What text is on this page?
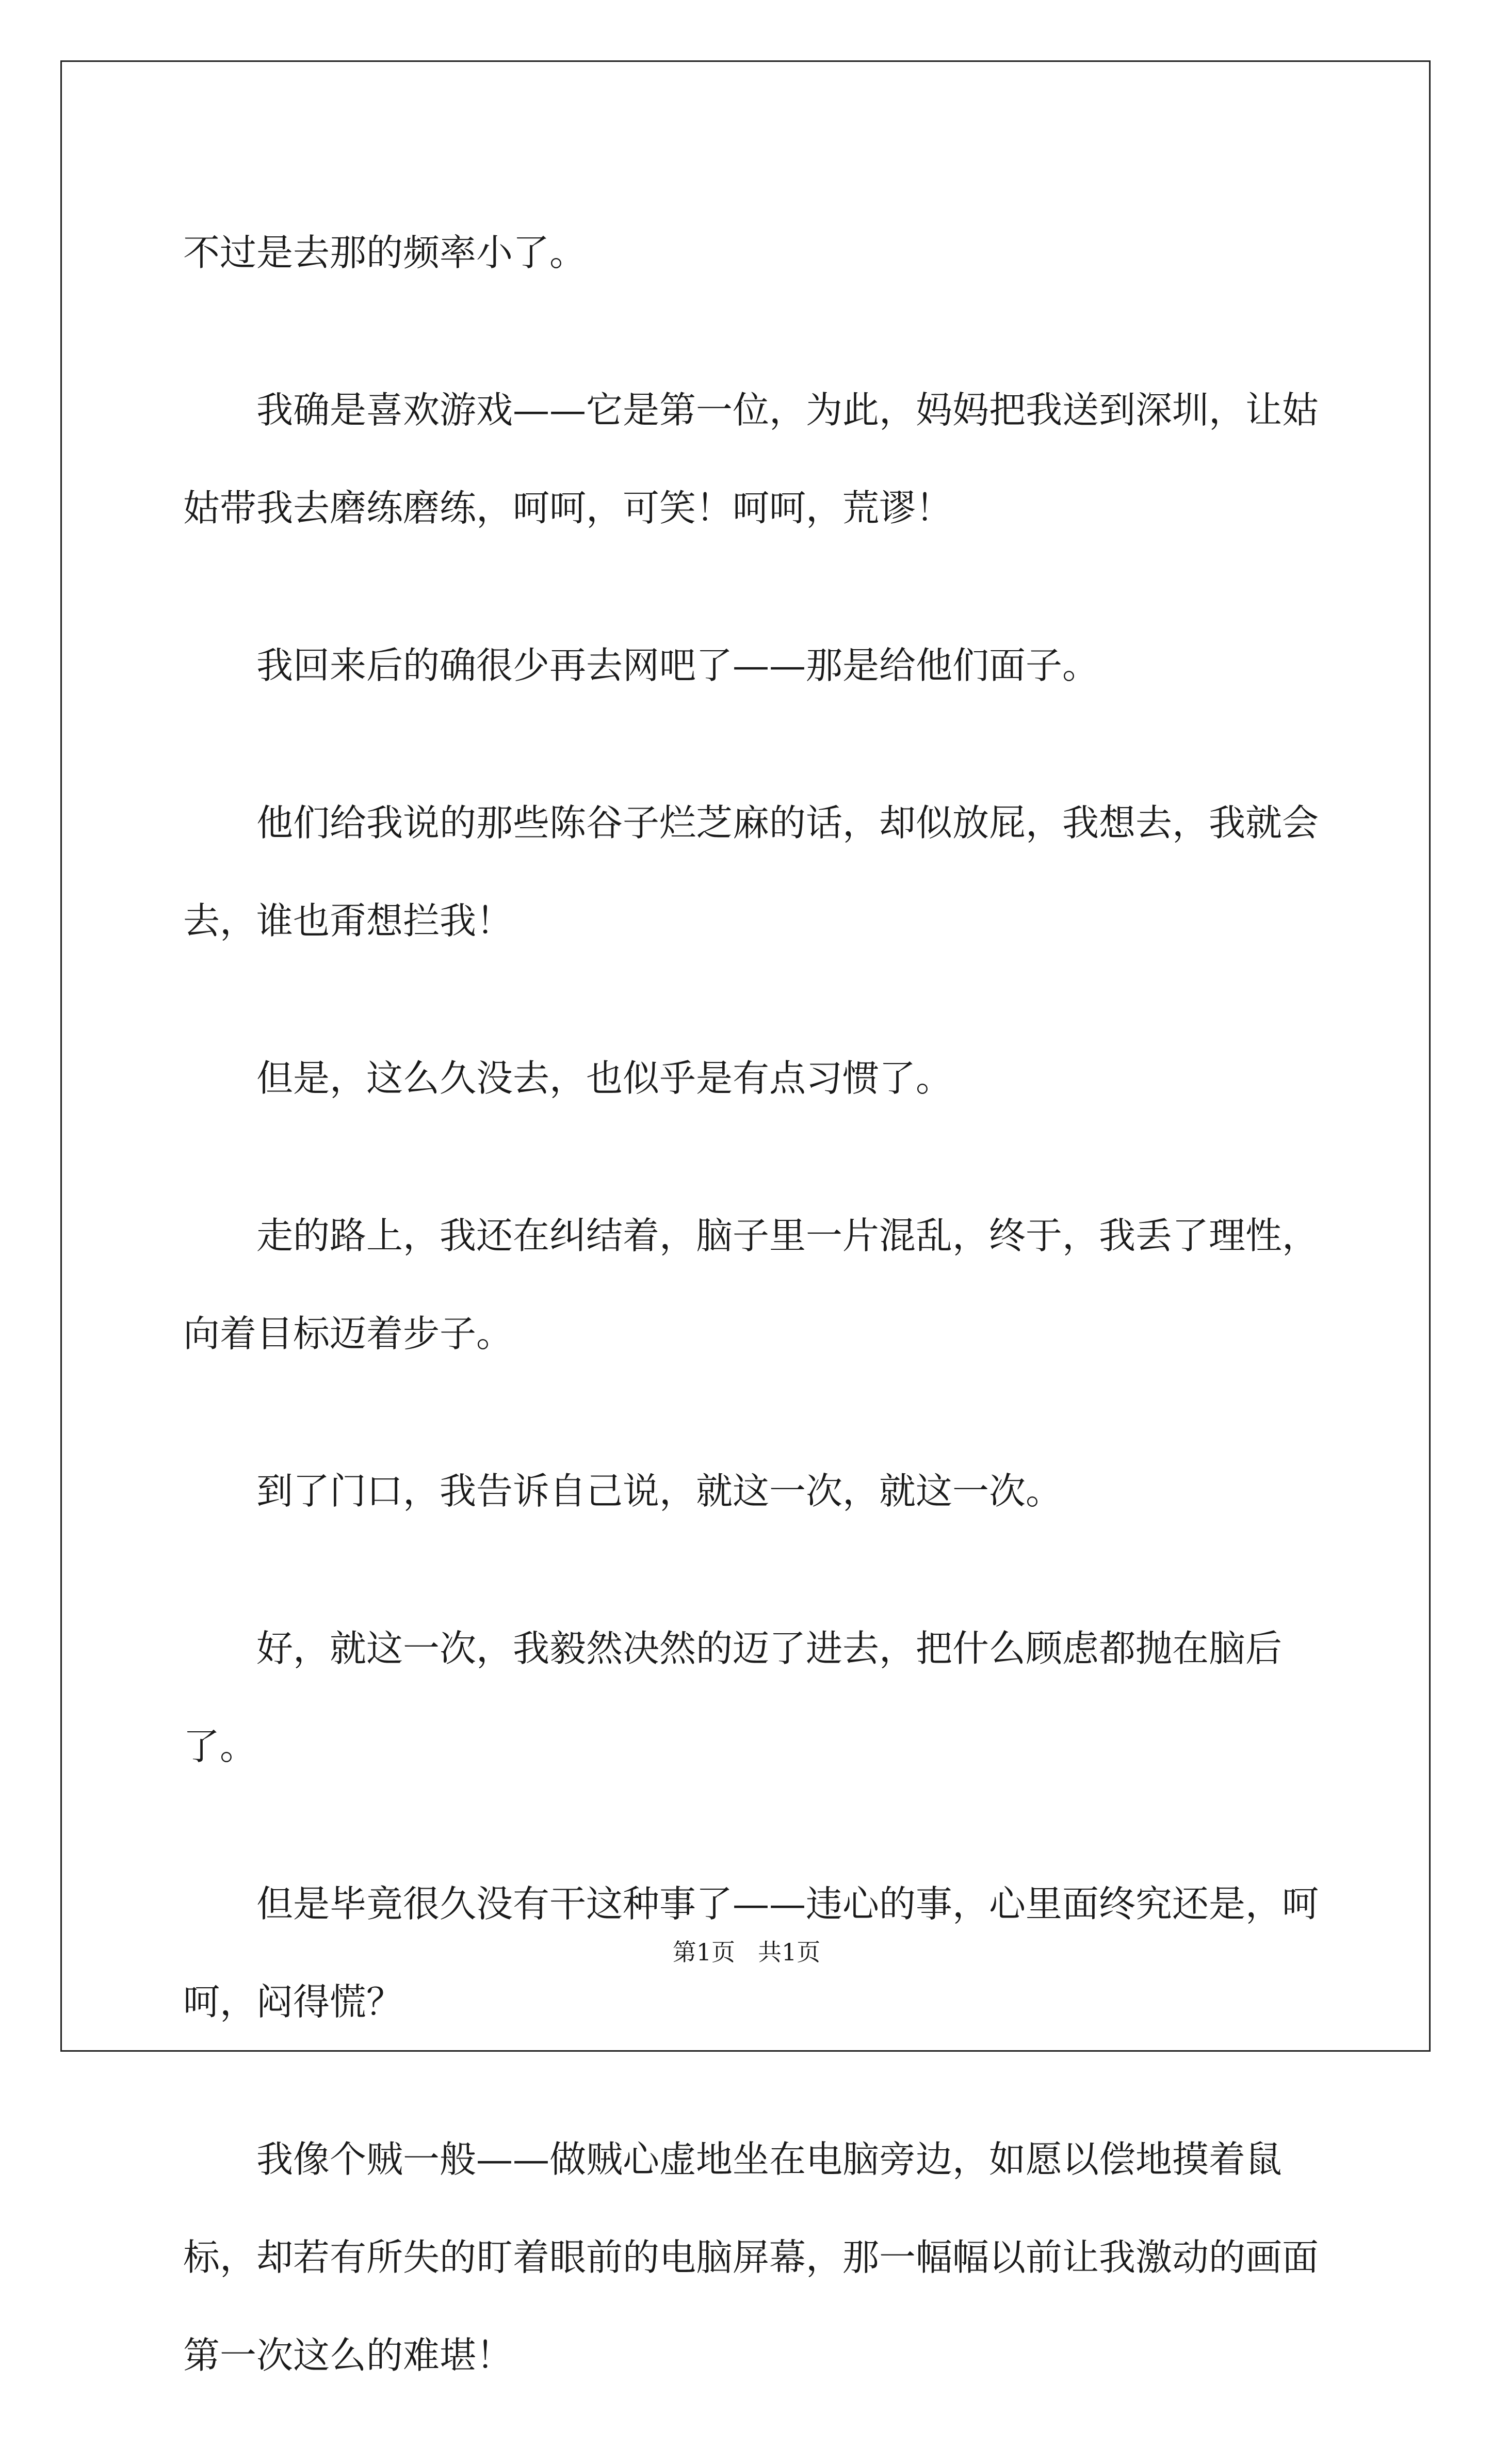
不过是去那的频率小了。

我确是喜欢游戏——它是第一位，为此，妈妈把我送到深圳，让姑姑带我去磨练磨练，呵呵，可笑！呵呵，荒谬！

我回来后的确很少再去网吧了——那是给他们面子。

他们给我说的那些陈谷子烂芝麻的话，却似放屁，我想去，我就会去，谁也甭想拦我！

但是，这么久没去，也似乎是有点习惯了。

走的路上，我还在纠结着，脑子里一片混乱，终于，我丢了理性，向着目标迈着步子。

到了门口，我告诉自己说，就这一次，就这一次。

好，就这一次，我毅然决然的迈了进去，把什么顾虑都抛在脑后了。

但是毕竟很久没有干这种事了——违心的事，心里面终究还是，呵呵，闷得慌？

我像个贼一般——做贼心虚地坐在电脑旁边，如愿以偿地摸着鼠标，却若有所失的盯着眼前的电脑屏幕，那一幅幅以前让我激动的画面第一次这么的难堪！

第1页 共1页
